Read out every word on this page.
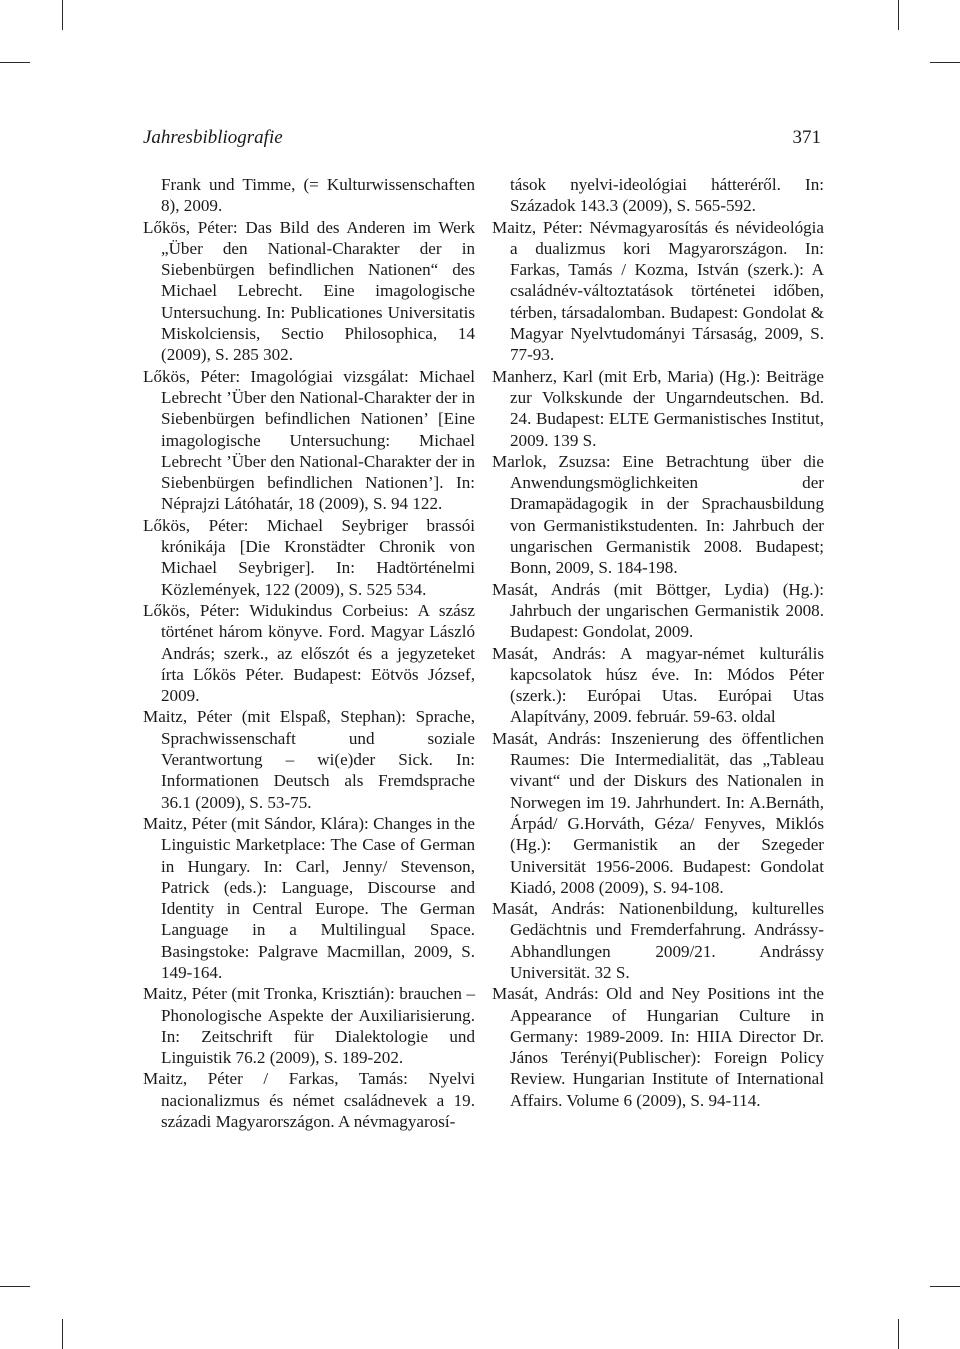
Jahresbibliografie	371

Frank und Timme, (= Kulturwissenschaften 8), 2009.

Lőkös, Péter: Das Bild des Anderen im Werk „Über den National-Charakter der in Siebenbürgen befindlichen Nationen“ des Michael Lebrecht. Eine imagologische Untersuchung. In: Publicationes Universitatis Miskolciensis, Sectio Philosophica, 14 (2009), S. 285 302.

Lőkös, Péter: Imagológiai vizsgálat: Michael Lebrecht ’Über den National-Charakter der in Siebenbürgen befindlichen Nationen’ [Eine imagologische Untersuchung: Michael Lebrecht ’Über den National-Charakter der in Siebenbürgen befindlichen Nationen’]. In: Néprajzi Látóhatár, 18 (2009), S. 94 122.

Lőkös, Péter: Michael Seybriger brassói krónikája [Die Kronstädter Chronik von Michael Seybriger]. In: Hadtörténelmi Közlemények, 122 (2009), S. 525 534.

Lőkös, Péter: Widukindus Corbeius: A szász történet három könyve. Ford. Magyar László András; szerk., az előszót és a jegyzeteket írta Lőkös Péter. Budapest: Eötvös József, 2009.

Maitz, Péter (mit Elspaß, Stephan): Sprache, Sprachwissenschaft und soziale Verantwortung – wi(e)der Sick. In: Informationen Deutsch als Fremdsprache 36.1 (2009), S. 53-75.

Maitz, Péter (mit Sándor, Klára): Changes in the Linguistic Marketplace: The Case of German in Hungary. In: Carl, Jenny/ Stevenson, Patrick (eds.): Language, Discourse and Identity in Central Europe. The German Language in a Multilingual Space. Basingstoke: Palgrave Macmillan, 2009, S. 149-164.

Maitz, Péter (mit Tronka, Krisztián): brauchen – Phonologische Aspekte der Auxiliarisierung. In: Zeitschrift für Dialektologie und Linguistik 76.2 (2009), S. 189-202.

Maitz, Péter / Farkas, Tamás: Nyelvi nacionalizmus és német családnevek a 19. századi Magyarországon. A névmagyarosí-

tások nyelvi-ideológiai hátteréről. In: Századok 143.3 (2009), S. 565-592.

Maitz, Péter: Névmagyarosítás és névideológia a dualizmus kori Magyarországon. In: Farkas, Tamás / Kozma, István (szerk.): A családnév-változtatások történetei időben, térben, társadalomban. Budapest: Gondolat & Magyar Nyelvtudományi Társaság, 2009, S. 77-93.

Manherz, Karl (mit Erb, Maria) (Hg.): Beiträge zur Volkskunde der Ungarndeutschen. Bd. 24. Budapest: ELTE Germanistisches Institut, 2009. 139 S.

Marlok, Zsuzsa: Eine Betrachtung über die Anwendungsmöglichkeiten der Dramapädagogik in der Sprachausbildung von Germanistikstudenten. In: Jahrbuch der ungarischen Germanistik 2008. Budapest; Bonn, 2009, S. 184-198.

Masát, András (mit Böttger, Lydia) (Hg.): Jahrbuch der ungarischen Germanistik 2008. Budapest: Gondolat, 2009.

Masát, András: A magyar-német kulturális kapcsolatok húsz éve. In: Módos Péter (szerk.): Európai Utas. Európai Utas Alapítvány, 2009. február. 59-63. oldal

Masát, András: Inszenierung des öffentlichen Raumes: Die Intermedialität, das „Tableau vivant“ und der Diskurs des Nationalen in Norwegen im 19. Jahrhundert. In: A.Bernáth, Árpád/ G.Horváth, Géza/ Fenyves, Miklós (Hg.): Germanistik an der Szegeder Universität 1956-2006. Budapest: Gondolat Kiadó, 2008 (2009), S. 94-108.

Masát, András: Nationenbildung, kulturelles Gedächtnis und Fremderfahrung. Andrássy- Abhandlungen 2009/21. Andrássy Universität. 32 S.

Masát, András: Old and Ney Positions int the Appearance of Hungarian Culture in Germany: 1989-2009. In: HIIA Director Dr. János Terényi(Publischer): Foreign Policy Review. Hungarian Institute of International Affairs. Volume 6 (2009), S. 94-114.
